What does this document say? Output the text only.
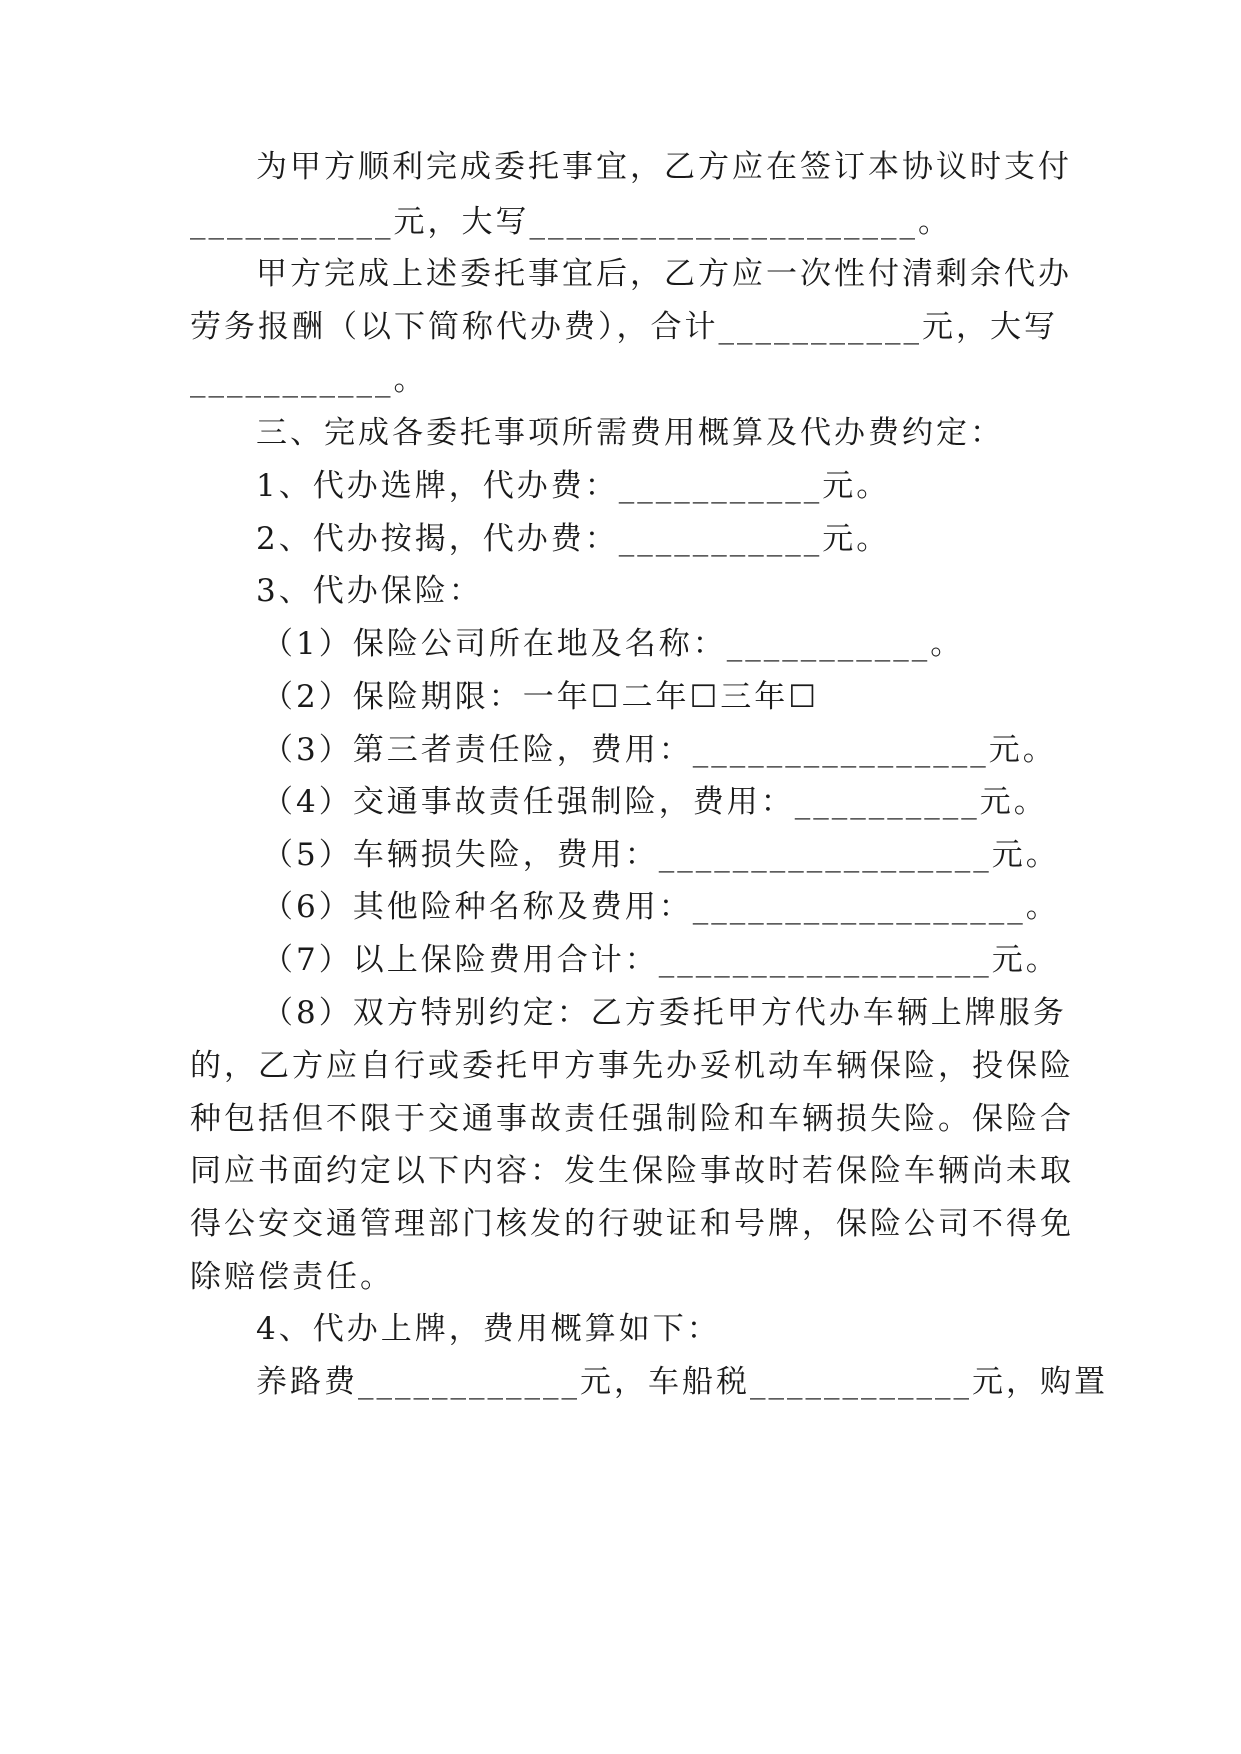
为甲方顺利完成委托事宜，乙方应在签订本协议时支付
___________元，大写_____________________。
甲方完成上述委托事宜后，乙方应一次性付清剩余代办
劳务报酬（以下简称代办费），合计___________元，大写
___________。
三、完成各委托事项所需费用概算及代办费约定：
1、代办选牌，代办费：___________元。
2、代办按揭，代办费：___________元。
3、代办保险：
（1）保险公司所在地及名称：___________。
（2）保险期限：一年☐二年☐三年☐
（3）第三者责任险，费用：________________元。
（4）交通事故责任强制险，费用：__________元。
（5）车辆损失险，费用：__________________元。
（6）其他险种名称及费用：__________________。
（7）以上保险费用合计：__________________元。
（8）双方特别约定：乙方委托甲方代办车辆上牌服务
的，乙方应自行或委托甲方事先办妥机动车辆保险，投保险
种包括但不限于交通事故责任强制险和车辆损失险。保险合
同应书面约定以下内容：发生保险事故时若保险车辆尚未取
得公安交通管理部门核发的行驶证和号牌，保险公司不得免
除赔偿责任。
4、代办上牌，费用概算如下：
养路费____________元，车船税____________元，购置
